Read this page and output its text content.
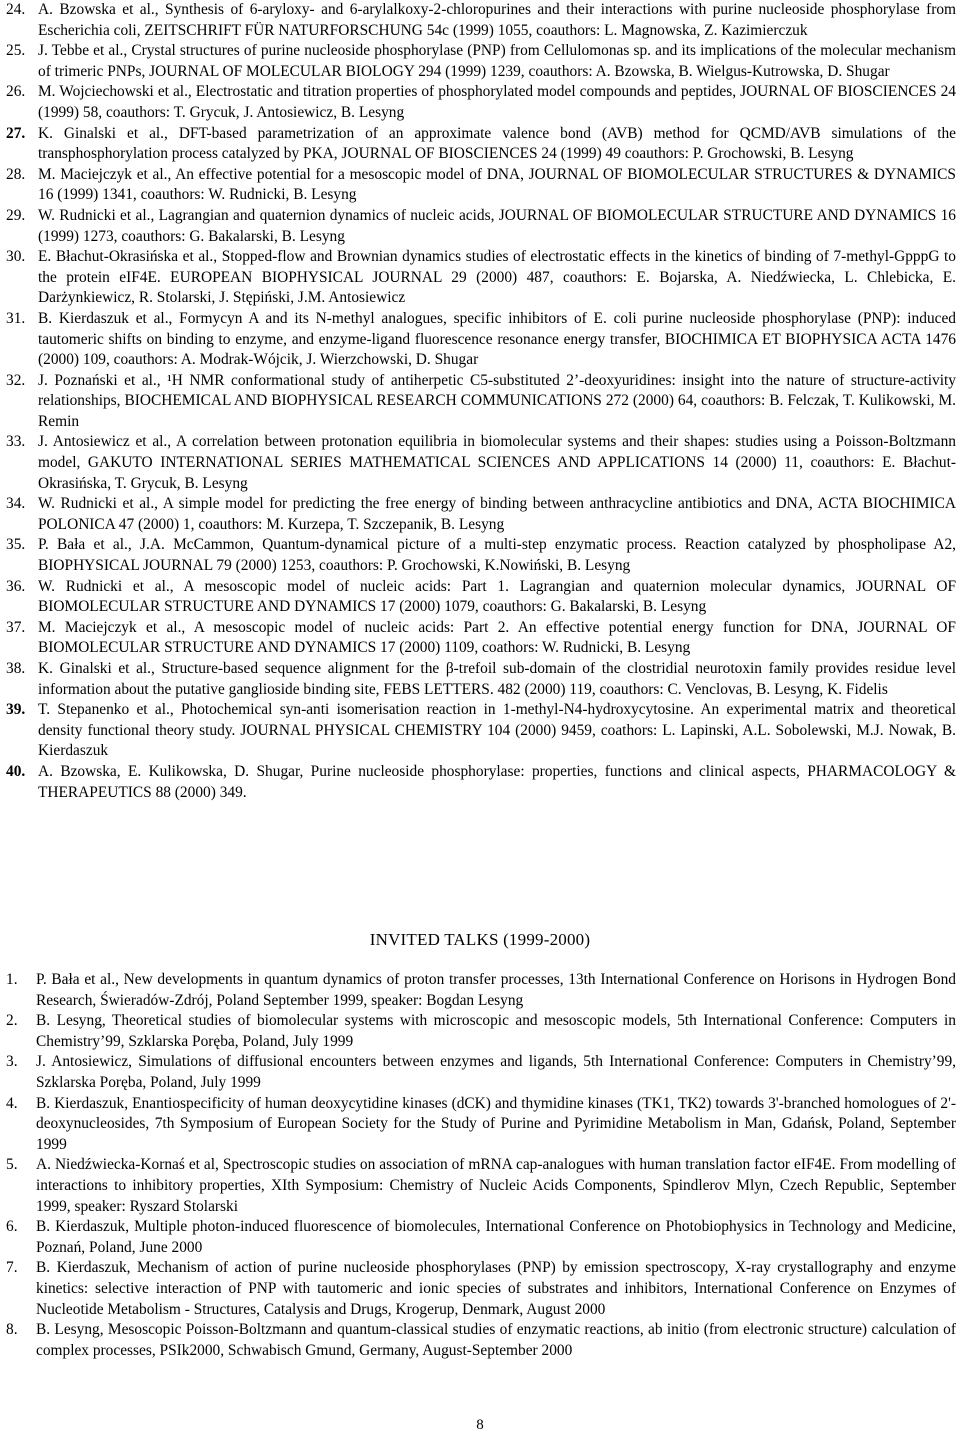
24. A. Bzowska et al., Synthesis of 6-aryloxy- and 6-arylalkoxy-2-chloropurines and their interactions with purine nucleoside phosphorylase from Escherichia coli, ZEITSCHRIFT FÜR NATURFORSCHUNG 54c (1999) 1055, coauthors: L. Magnowska, Z. Kazimierczuk
25. J. Tebbe et al., Crystal structures of purine nucleoside phosphorylase (PNP) from Cellulomonas sp. and its implications of the molecular mechanism of trimeric PNPs, JOURNAL OF MOLECULAR BIOLOGY 294 (1999) 1239, coauthors: A. Bzowska, B. Wielgus-Kutrowska, D. Shugar
26. M. Wojciechowski et al., Electrostatic and titration properties of phosphorylated model compounds and peptides, JOURNAL OF BIOSCIENCES 24 (1999) 58, coauthors: T. Grycuk, J. Antosiewicz, B. Lesyng
27. K. Ginalski et al., DFT-based parametrization of an approximate valence bond (AVB) method for QCMD/AVB simulations of the transphosphorylation process catalyzed by PKA, JOURNAL OF BIOSCIENCES 24 (1999) 49 coauthors: P. Grochowski, B. Lesyng
28. M. Maciejczyk et al., An effective potential for a mesoscopic model of DNA, JOURNAL OF BIOMOLECULAR STRUCTURES & DYNAMICS 16 (1999) 1341, coauthors: W. Rudnicki, B. Lesyng
29. W. Rudnicki et al., Lagrangian and quaternion dynamics of nucleic acids, JOURNAL OF BIOMOLECULAR STRUCTURE AND DYNAMICS 16 (1999) 1273, coauthors: G. Bakalarski, B. Lesyng
30. E. Błachut-Okrasińska et al., Stopped-flow and Brownian dynamics studies of electrostatic effects in the kinetics of binding of 7-methyl-GpppG to the protein eIF4E. EUROPEAN BIOPHYSICAL JOURNAL 29 (2000) 487, coauthors: E. Bojarska, A. Niedźwiecka, L. Chlebicka, E. Darżynkiewicz, R. Stolarski, J. Stępiński, J.M. Antosiewicz
31. B. Kierdaszuk et al., Formycyn A and its N-methyl analogues, specific inhibitors of E. coli purine nucleoside phosphorylase (PNP): induced tautomeric shifts on binding to enzyme, and enzyme-ligand fluorescence resonance energy transfer, BIOCHIMICA ET BIOPHYSICA ACTA 1476 (2000) 109, coauthors: A. Modrak-Wójcik, J. Wierzchowski, D. Shugar
32. J. Poznański et al., ¹H NMR conformational study of antiherpetic C5-substituted 2’-deoxyuridines: insight into the nature of structure-activity relationships, BIOCHEMICAL AND BIOPHYSICAL RESEARCH COMMUNICATIONS 272 (2000) 64, coauthors: B. Felczak, T. Kulikowski, M. Remin
33. J. Antosiewicz et al., A correlation between protonation equilibria in biomolecular systems and their shapes: studies using a Poisson-Boltzmann model, GAKUTO INTERNATIONAL SERIES MATHEMATICAL SCIENCES AND APPLICATIONS 14 (2000) 11, coauthors: E. Błachut-Okrasińska, T. Grycuk, B. Lesyng
34. W. Rudnicki et al., A simple model for predicting the free energy of binding between anthracycline antibiotics and DNA, ACTA BIOCHIMICA POLONICA 47 (2000) 1, coauthors: M. Kurzepa, T. Szczepanik, B. Lesyng
35. P. Bała et al., J.A. McCammon, Quantum-dynamical picture of a multi-step enzymatic process. Reaction catalyzed by phospholipase A2, BIOPHYSICAL JOURNAL 79 (2000) 1253, coauthors: P. Grochowski, K.Nowiński, B. Lesyng
36. W. Rudnicki et al., A mesoscopic model of nucleic acids: Part 1. Lagrangian and quaternion molecular dynamics, JOURNAL OF BIOMOLECULAR STRUCTURE AND DYNAMICS 17 (2000) 1079, coauthors: G. Bakalarski, B. Lesyng
37. M. Maciejczyk et al., A mesoscopic model of nucleic acids: Part 2. An effective potential energy function for DNA, JOURNAL OF BIOMOLECULAR STRUCTURE AND DYNAMICS 17 (2000) 1109, coathors: W. Rudnicki, B. Lesyng
38. K. Ginalski et al., Structure-based sequence alignment for the β-trefoil sub-domain of the clostridial neurotoxin family provides residue level information about the putative ganglioside binding site, FEBS LETTERS. 482 (2000) 119, coauthors: C. Venclovas, B. Lesyng, K. Fidelis
39. T. Stepanenko et al., Photochemical syn-anti isomerisation reaction in 1-methyl-N4-hydroxycytosine. An experimental matrix and theoretical density functional theory study. JOURNAL PHYSICAL CHEMISTRY 104 (2000) 9459, coathors: L. Lapinski, A.L. Sobolewski, M.J. Nowak, B. Kierdaszuk
40. A. Bzowska, E. Kulikowska, D. Shugar, Purine nucleoside phosphorylase: properties, functions and clinical aspects, PHARMACOLOGY & THERAPEUTICS 88 (2000) 349.
INVITED TALKS (1999-2000)
1.	P. Bała et al., New developments in quantum dynamics of proton transfer processes, 13th International Conference on Horisons in Hydrogen Bond Research, Świeradów-Zdrój, Poland September 1999, speaker: Bogdan Lesyng
2.	B. Lesyng, Theoretical studies of biomolecular systems with microscopic and mesoscopic models, 5th International Conference: Computers in Chemistry’99, Szklarska Poręba, Poland, July 1999
3.	J. Antosiewicz, Simulations of diffusional encounters between enzymes and ligands, 5th International Conference: Computers in Chemistry’99, Szklarska Poręba, Poland, July 1999
4.	B. Kierdaszuk, Enantiospecificity of human deoxycytidine kinases (dCK) and thymidine kinases (TK1, TK2) towards 3'-branched homologues of 2'-deoxynucleosides, 7th Symposium of European Society for the Study of Purine and Pyrimidine Metabolism in Man, Gdańsk, Poland, September 1999
5.	A. Niedźwiecka-Kornaś et al, Spectroscopic studies on association of mRNA cap-analogues with human translation factor eIF4E. From modelling of interactions to inhibitory properties, XIth Symposium: Chemistry of Nucleic Acids Components, Spindlerov Mlyn, Czech Republic, September 1999, speaker: Ryszard Stolarski
6.	B. Kierdaszuk, Multiple photon-induced fluorescence of biomolecules, International Conference on Photobiophysics in Technology and Medicine, Poznań, Poland, June 2000
7.	B. Kierdaszuk, Mechanism of action of purine nucleoside phosphorylases (PNP) by emission spectroscopy, X-ray crystallography and enzyme kinetics: selective interaction of PNP with tautomeric and ionic species of substrates and inhibitors, International Conference on Enzymes of Nucleotide Metabolism - Structures, Catalysis and Drugs, Krogerup, Denmark, August 2000
8.	B. Lesyng, Mesoscopic Poisson-Boltzmann and quantum-classical studies of enzymatic reactions, ab initio (from electronic structure) calculation of complex processes, PSIk2000, Schwabisch Gmund, Germany, August-September 2000
8
